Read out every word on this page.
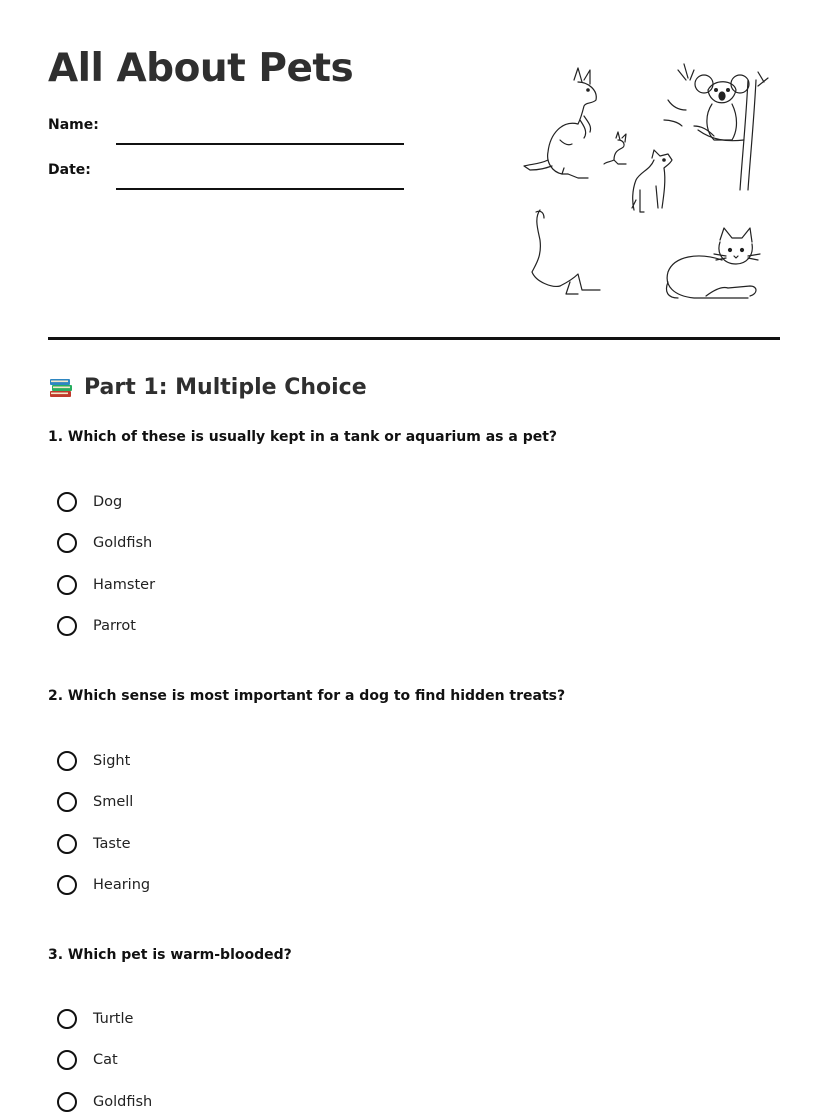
All About Pets
Name:
Date:
Part 1: Multiple Choice

1. Which of these is usually kept in a tank or aquarium as a pet?

Dog
Goldfish
Hamster
Parrot

2. Which sense is most important for a dog to find hidden treats?

Sight
Smell
Taste
Hearing

3. Which pet is warm-blooded?

Turtle
Cat
Goldfish
